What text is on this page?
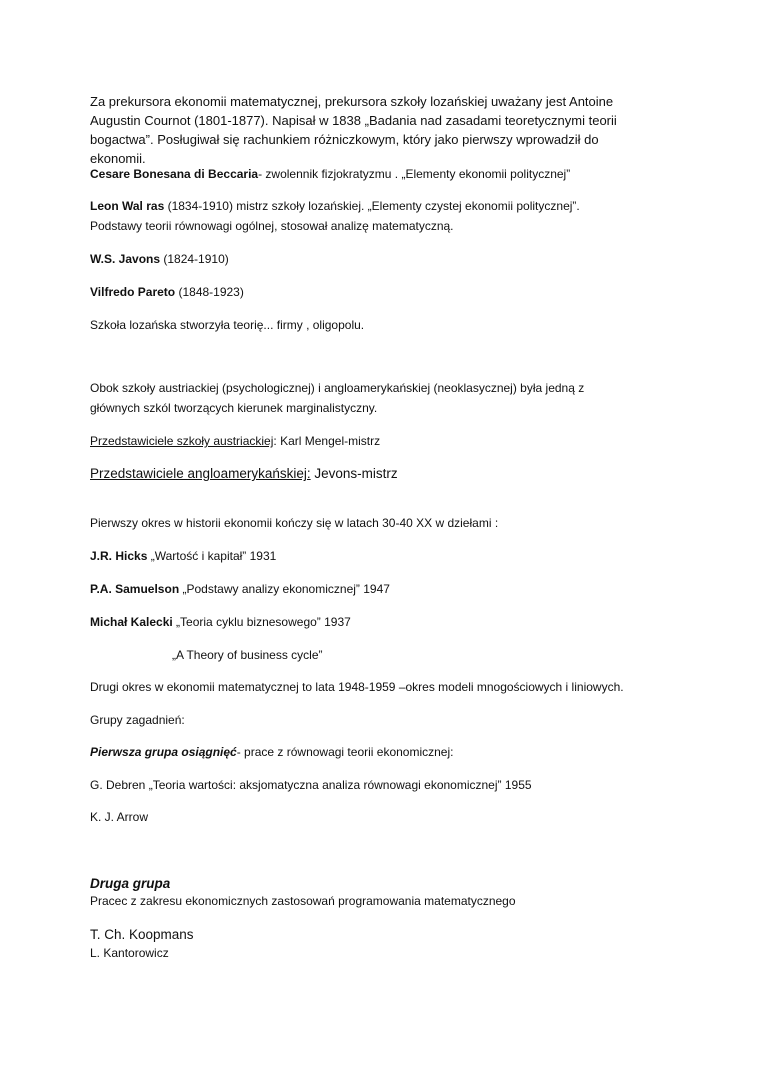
Za prekursora ekonomii matematycznej, prekursora szkoły lozańskiej uważany jest Antoine

Augustin Cournot (1801-1877). Napisał w 1838 „Badania nad zasadami teoretycznymi teorii

bogactwa”. Posługiwał się rachunkiem różniczkowym, który jako pierwszy wprowadził do

ekonomii.

Cesare Bonesana di Beccaria- zwolennik fizjokratyzmu . „Elementy ekonomii politycznej”

Leon Wal ras (1834-1910) mistrz szkoły lozańskiej. „Elementy czystej ekonomii politycznej”.

Podstawy teorii równowagi ogólnej, stosował analizę matematyczną.

W.S. Javons (1824-1910)

Vilfredo Pareto (1848-1923)

Szkoła lozańska stworzyła teorię... firmy , oligopolu.

Obok szkoły austriackiej (psychologicznej) i angloamerykańskiej (neoklasycznej) była jedną z

głównych szkól tworzących kierunek marginalistyczny.

Przedstawiciele szkoły austriackiej: Karl Mengel-mistrz

Przedstawiciele angloamerykańskiej: Jevons-mistrz

Pierwszy okres w historii ekonomii kończy się w latach 30-40 XX w dziełami :

J.R. Hicks „Wartość i kapitał” 1931

P.A. Samuelson „Podstawy analizy ekonomicznej” 1947

Michał Kalecki „Teoria cyklu biznesowego” 1937

„A Theory of business cycle”

Drugi okres w ekonomii matematycznej to lata 1948-1959 –okres modeli mnogościowych i liniowych.

Grupy zagadnień:

Pierwsza grupa osiągnięć- prace z równowagi teorii ekonomicznej:

G. Debren „Teoria wartości: aksjomatyczna analiza równowagi ekonomicznej” 1955

K. J. Arrow

Druga grupa

Pracec z zakresu ekonomicznych zastosowań programowania matematycznego

T. Ch. Koopmans

L. Kantorowicz
